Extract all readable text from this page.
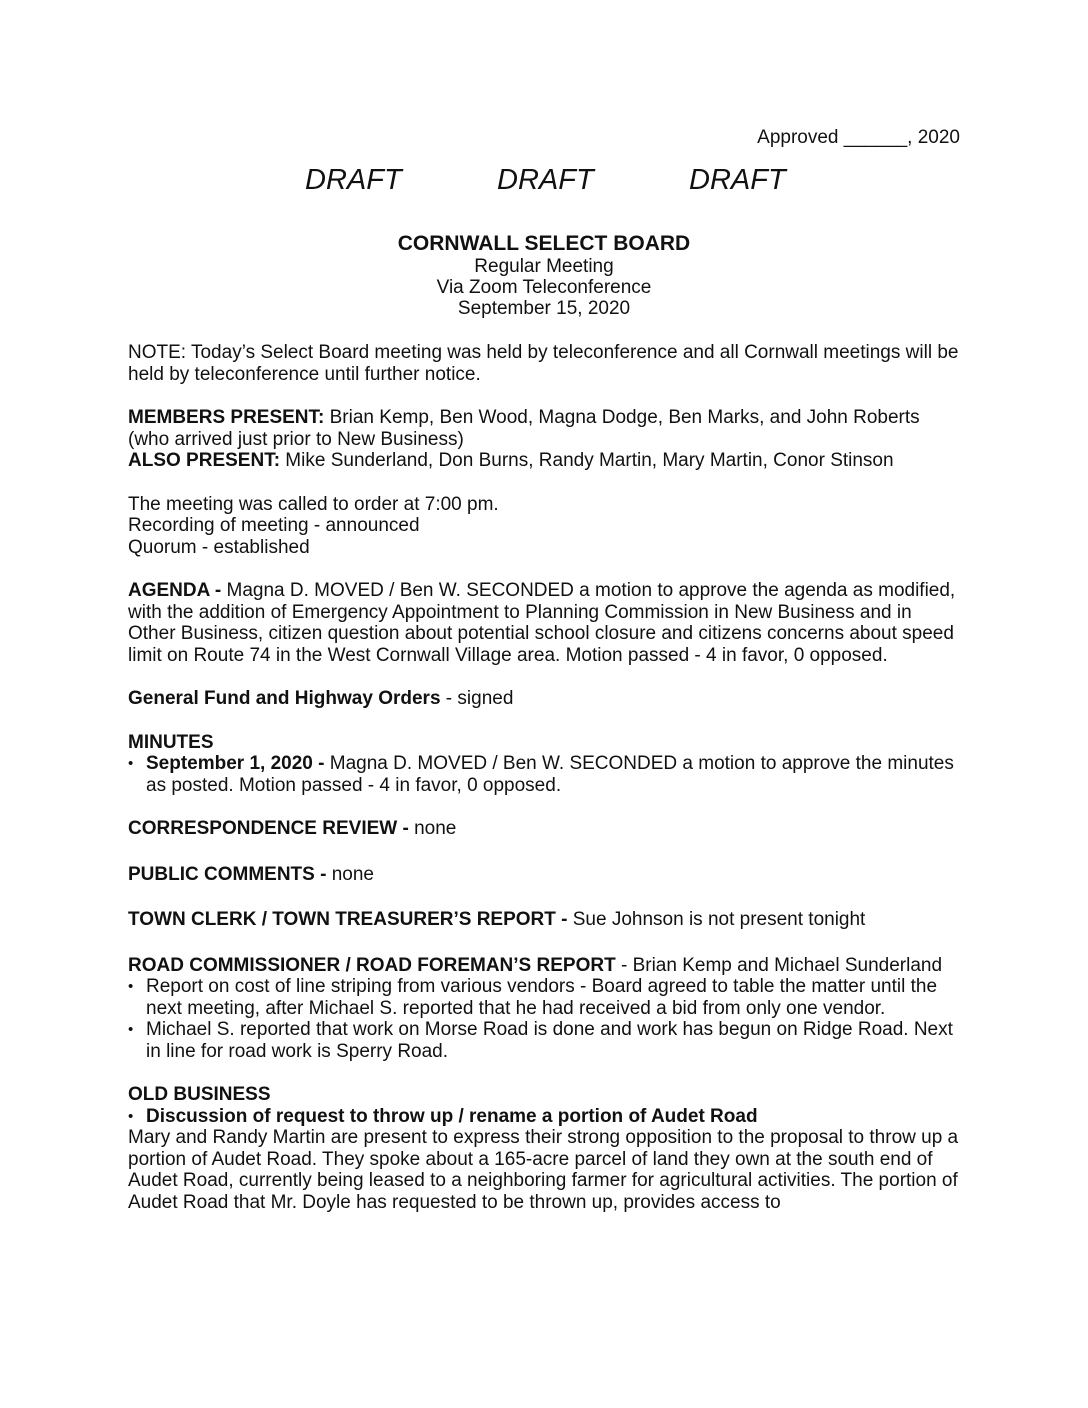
Approved ______, 2020
DRAFT	DRAFT	DRAFT
CORNWALL SELECT BOARD
Regular Meeting
Via Zoom Teleconference
September 15, 2020

NOTE: Today’s Select Board meeting was held by teleconference and all Cornwall meetings will be held by teleconference until further notice.

MEMBERS PRESENT: Brian Kemp, Ben Wood, Magna Dodge, Ben Marks, and John Roberts (who arrived just prior to New Business)

ALSO PRESENT: Mike Sunderland, Don Burns, Randy Martin, Mary Martin, Conor Stinson

The meeting was called to order at 7:00 pm.

Recording of meeting - announced

Quorum - established

AGENDA - Magna D. MOVED / Ben W. SECONDED a motion to approve the agenda as modified, with the addition of Emergency Appointment to Planning Commission in New Business and in Other Business, citizen question about potential school closure and citizens concerns about speed limit on Route 74 in the West Cornwall Village area. Motion passed - 4 in favor, 0 opposed.

General Fund and Highway Orders - signed

MINUTES

• September 1, 2020 - Magna D. MOVED / Ben W. SECONDED a motion to approve the minutes as posted. Motion passed - 4 in favor, 0 opposed.

CORRESPONDENCE REVIEW - none

PUBLIC COMMENTS - none

TOWN CLERK / TOWN TREASURER’S REPORT - Sue Johnson is not present tonight

ROAD COMMISSIONER / ROAD FOREMAN’S REPORT - Brian Kemp and Michael Sunderland

• Report on cost of line striping from various vendors - Board agreed to table the matter until the next meeting, after Michael S. reported that he had received a bid from only one vendor.
• Michael S. reported that work on Morse Road is done and work has begun on Ridge Road. Next in line for road work is Sperry Road.

OLD BUSINESS

• Discussion of request to throw up / rename a portion of Audet Road

Mary and Randy Martin are present to express their strong opposition to the proposal to throw up a portion of Audet Road. They spoke about a 165-acre parcel of land they own at the south end of Audet Road, currently being leased to a neighboring farmer for agricultural activities. The portion of Audet Road that Mr. Doyle has requested to be thrown up, provides access to
